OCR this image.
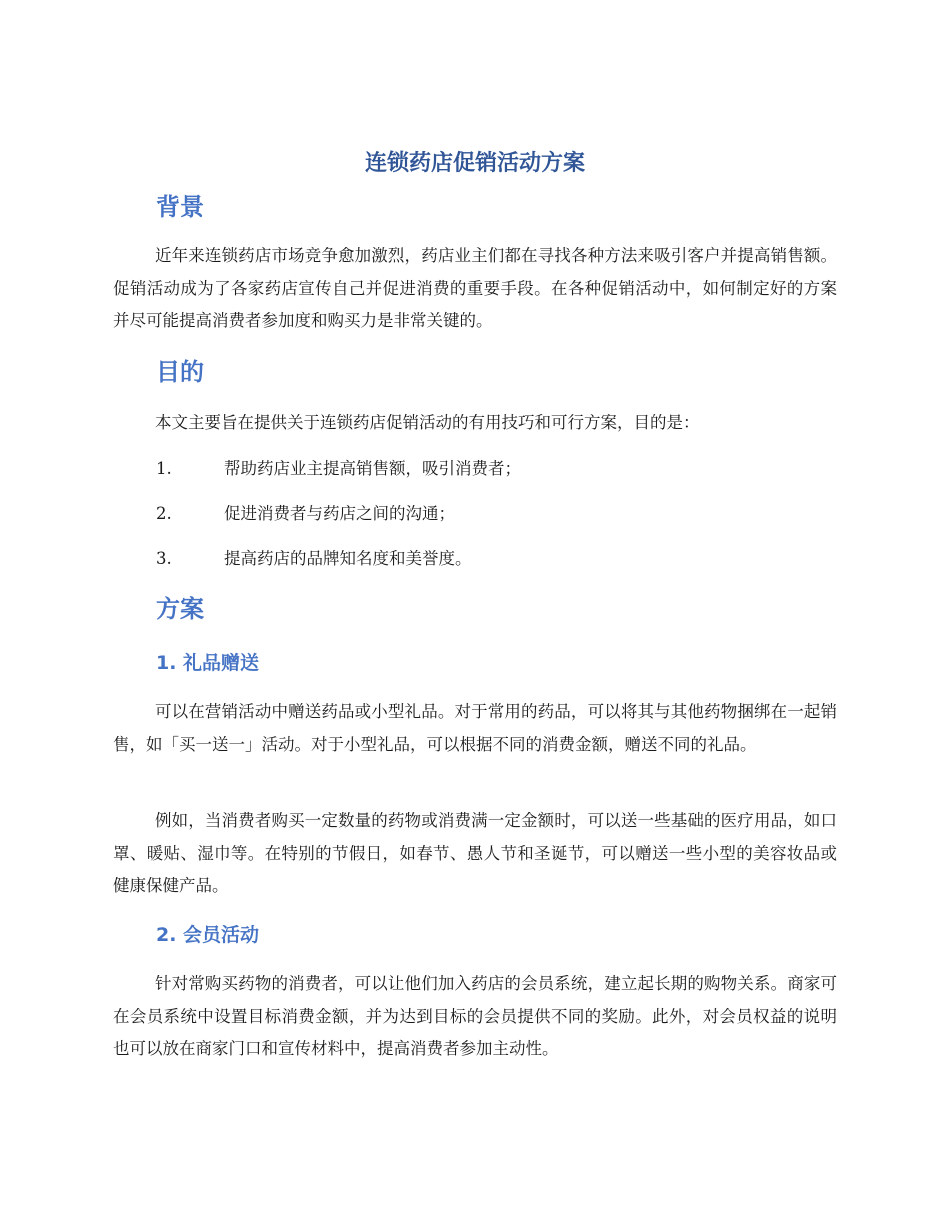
连锁药店促销活动方案
背景

近年来连锁药店市场竞争愈加激烈，药店业主们都在寻找各种方法来吸引客户并提高销售额。促销活动成为了各家药店宣传自己并促进消费的重要手段。在各种促销活动中，如何制定好的方案并尽可能提高消费者参加度和购买力是非常关键的。

目的

本文主要旨在提供关于连锁药店促销活动的有用技巧和可行方案，目的是：

1.	帮助药店业主提高销售额，吸引消费者；
2.	促进消费者与药店之间的沟通；
3.	提高药店的品牌知名度和美誉度。
方案
1. 礼品赠送

可以在营销活动中赠送药品或小型礼品。对于常用的药品，可以将其与其他药物捆绑在一起销售，如「买一送一」活动。对于小型礼品，可以根据不同的消费金额，赠送不同的礼品。

例如，当消费者购买一定数量的药物或消费满一定金额时，可以送一些基础的医疗用品，如口罩、暖贴、湿巾等。在特别的节假日，如春节、愚人节和圣诞节，可以赠送一些小型的美容妆品或健康保健产品。

2. 会员活动

针对常购买药物的消费者，可以让他们加入药店的会员系统，建立起长期的购物关系。商家可在会员系统中设置目标消费金额，并为达到目标的会员提供不同的奖励。此外，对会员权益的说明也可以放在商家门口和宣传材料中，提高消费者参加主动性。
